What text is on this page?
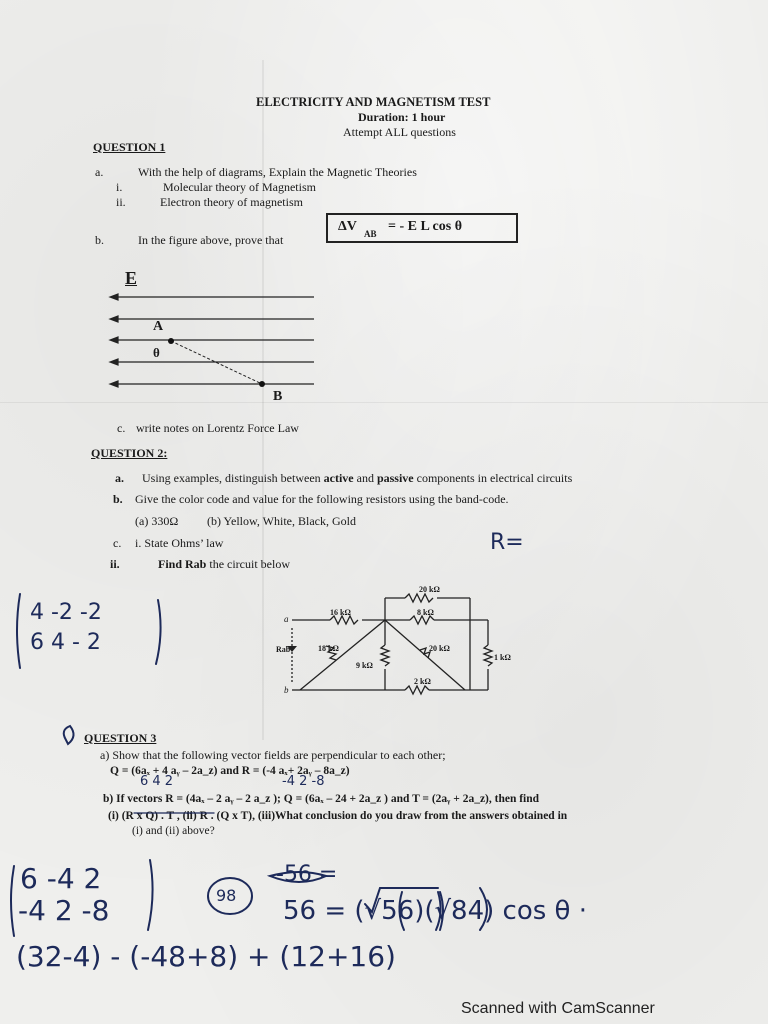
ELECTRICITY AND MAGNETISM TEST
Duration: 1 hour
Attempt ALL questions
QUESTION 1
a.	With the help of diagrams, Explain the Magnetic Theories
i.	Molecular theory of Magnetism
ii.	Electron theory of magnetism
b.	In the figure above, prove that
ΔV AB = - E L cos θ
E
A
θ
B
c. write notes on Lorentz Force Law
QUESTION 2:
a. Using examples, distinguish between active and passive components in electrical circuits
b. Give the color code and value for the following resistors using the band-code.
(a) 330Ω (b) Yellow, White, Black, Gold
c. i. State Ohms’ law
ii.	Find Rab the circuit below
20 kΩ
16 kΩ	8 kΩ
18 kΩ
9 kΩ
20 kΩ
1 kΩ
2 kΩ
a
b
Rab
QUESTION 3
a) Show that the following vector fields are perpendicular to each other;
Q = (6aₓ + 4 aᵧ – 2a_z) and R = (-4 aₓ+ 2aᵧ – 8a_z)
b) If vectors R = (4aₓ – 2 aᵧ – 2 a_z ); Q = (6aₓ – 24 + 2a_z ) and T = (2aᵧ + 2a_z), then find
(i) (R x Q) . T , (ii) R . (Q x T), (iii)What conclusion do you draw from the answers obtained in
(i) and (ii) above?
R=
4 -2 -2
6 4 - 2
6 4 2	-4 2 -8
6 -4 2
-4 2 -8	98
-56 =
56 = (√56)(√84) cos θ ·
(32-4) - (-48+8) + (12+16)
Scanned with CamScanner
